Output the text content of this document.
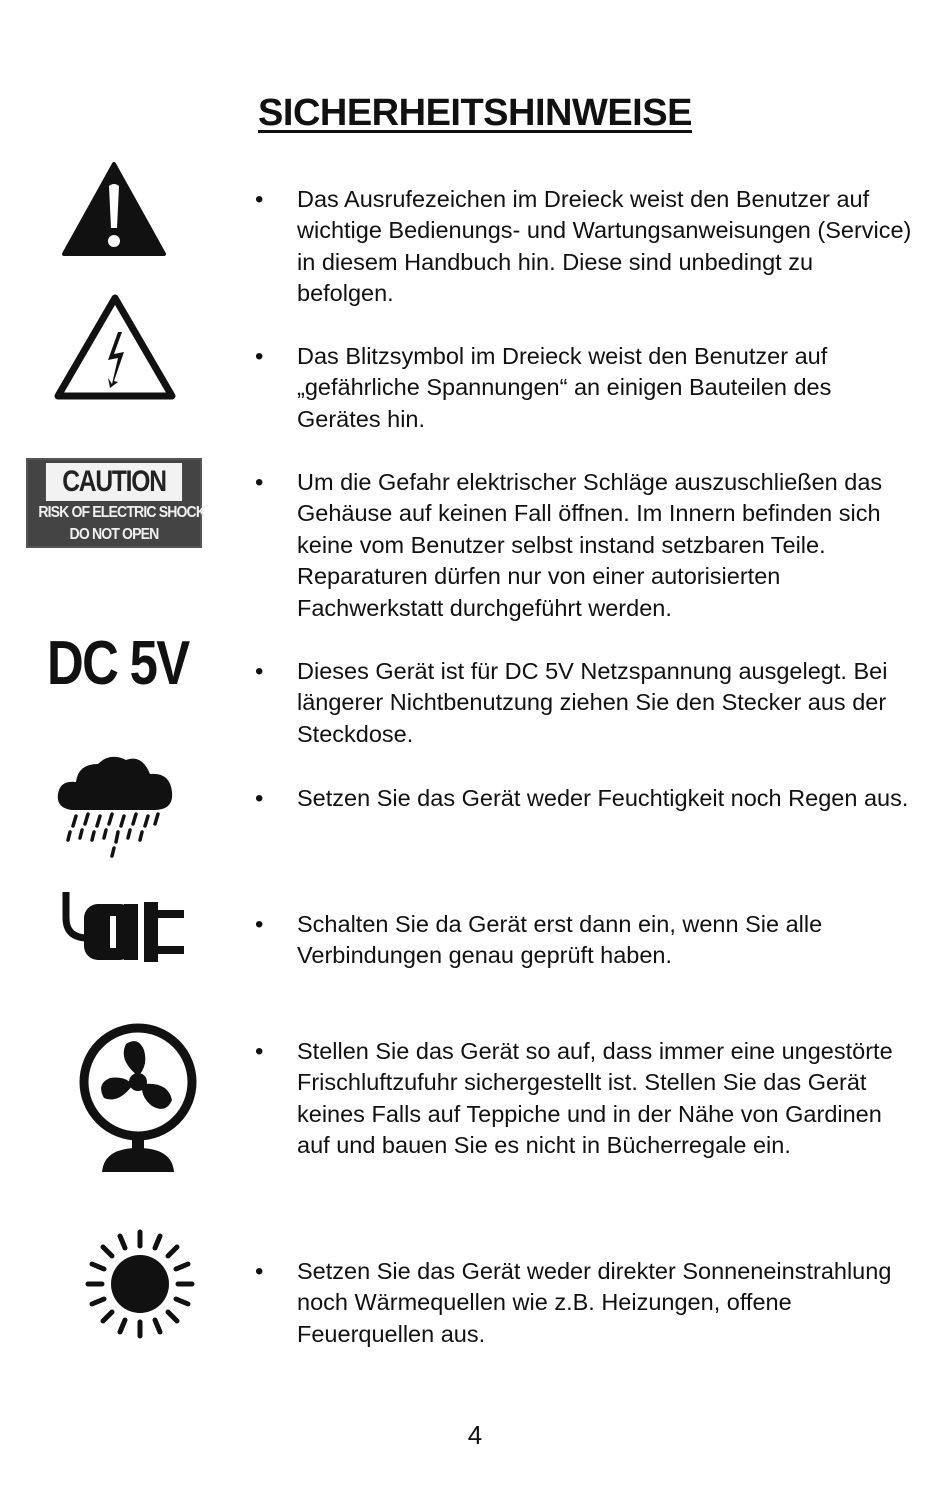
SICHERHEITSHINWEISE
CAUTION
RISK OF ELECTRIC SHOCK
DO NOT OPEN
DC 5V
• Das Ausrufezeichen im Dreieck weist den Benutzer auf wichtige Bedienungs- und Wartungsanweisungen (Service) in diesem Handbuch hin. Diese sind unbedingt zu befolgen.
• Das Blitzsymbol im Dreieck weist den Benutzer auf „gefährliche Spannungen“ an einigen Bauteilen des Gerätes hin.
• Um die Gefahr elektrischer Schläge auszuschließen das Gehäuse auf keinen Fall öffnen. Im Innern befinden sich keine vom Benutzer selbst instand setzbaren Teile. Reparaturen dürfen nur von einer autorisierten Fachwerkstatt durchgeführt werden.
• Dieses Gerät ist für DC 5V Netzspannung ausgelegt. Bei längerer Nichtbenutzung ziehen Sie den Stecker aus der Steckdose.
• Setzen Sie das Gerät weder Feuchtigkeit noch Regen aus.
• Schalten Sie da Gerät erst dann ein, wenn Sie alle Verbindungen genau geprüft haben.
• Stellen Sie das Gerät so auf, dass immer eine ungestörte Frischluftzufuhr sichergestellt ist. Stellen Sie das Gerät keines Falls auf Teppiche und in der Nähe von Gardinen auf und bauen Sie es nicht in Bücherregale ein.
• Setzen Sie das Gerät weder direkter Sonneneinstrahlung noch Wärmequellen wie z.B. Heizungen, offene Feuerquellen aus.
4
